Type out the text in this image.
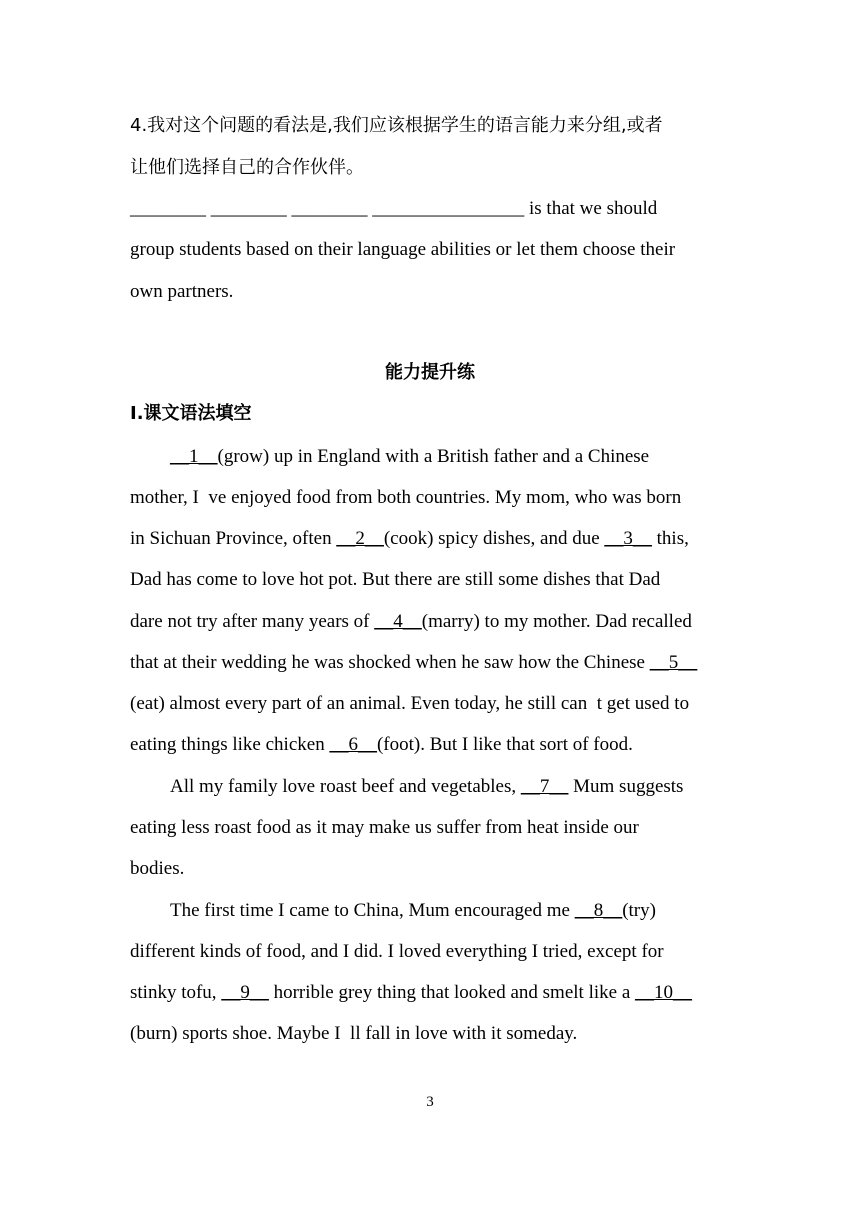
4.我对这个问题的看法是,我们应该根据学生的语言能力来分组,或者
让他们选择自己的合作伙伴。
________ ________ ________ ________________ is that we should
group students based on their language abilities or let them choose their
own partners.
能力提升练
Ⅰ.课文语法填空
__1__(grow) up in England with a British father and a Chinese
mother, I  ve enjoyed food from both countries. My mom, who was born
in Sichuan Province, often __2__(cook) spicy dishes, and due __3__ this,
Dad has come to love hot pot. But there are still some dishes that Dad
dare not try after many years of __4__(marry) to my mother. Dad recalled
that at their wedding he was shocked when he saw how the Chinese __5__
(eat) almost every part of an animal. Even today, he still can  t get used to
eating things like chicken __6__(foot). But I like that sort of food.
All my family love roast beef and vegetables, __7__ Mum suggests
eating less roast food as it may make us suffer from heat inside our
bodies.
The first time I came to China, Mum encouraged me __8__(try)
different kinds of food, and I did. I loved everything I tried, except for
stinky tofu, __9__ horrible grey thing that looked and smelt like a __10__
(burn) sports shoe. Maybe I  ll fall in love with it someday.
3
